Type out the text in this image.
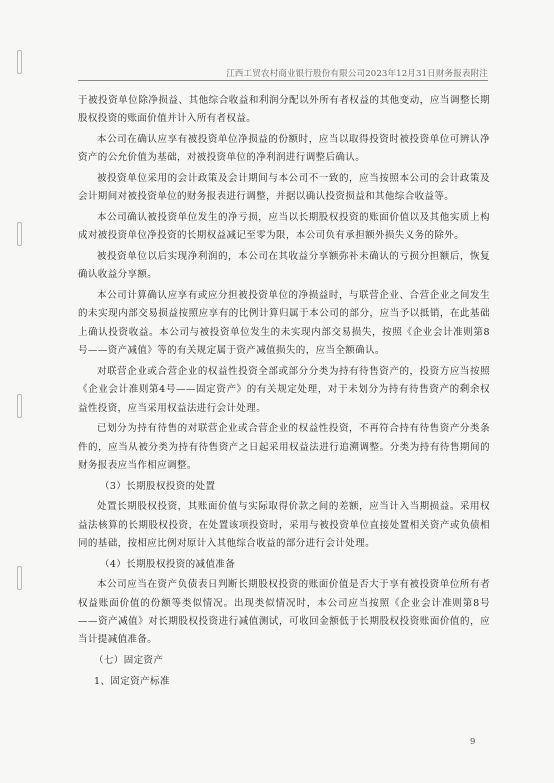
江西工贸农村商业银行股份有限公司2023年12月31日财务报表附注

于被投资单位除净损益、其他综合收益和利润分配以外所有者权益的其他变动，应当调整长期股权投资的账面价值并计入所有者权益。

本公司在确认应享有被投资单位净损益的份额时，应当以取得投资时被投资单位可辨认净资产的公允价值为基础，对被投资单位的净利润进行调整后确认。

被投资单位采用的会计政策及会计期间与本公司不一致的，应当按照本公司的会计政策及会计期间对被投资单位的财务报表进行调整，并据以确认投资损益和其他综合收益等。

本公司确认被投资单位发生的净亏损，应当以长期股权投资的账面价值以及其他实质上构成对被投资单位净投资的长期权益减记至零为限，本公司负有承担额外损失义务的除外。

被投资单位以后实现净利润的，本公司在其收益分享额弥补未确认的亏损分担额后，恢复确认收益分享额。

本公司计算确认应享有或应分担被投资单位的净损益时，与联营企业、合营企业之间发生的未实现内部交易损益按照应享有的比例计算归属于本公司的部分，应当予以抵销，在此基础上确认投资收益。本公司与被投资单位发生的未实现内部交易损失，按照《企业会计准则第8号——资产减值》等的有关规定属于资产减值损失的，应当全额确认。

对联营企业或合营企业的权益性投资全部或部分分类为持有待售资产的，投资方应当按照《企业会计准则第4号——固定资产》的有关规定处理，对于未划分为持有待售资产的剩余权益性投资，应当采用权益法进行会计处理。

已划分为持有待售的对联营企业或合营企业的权益性投资，不再符合持有待售资产分类条件的，应当从被分类为持有待售资产之日起采用权益法进行追溯调整。分类为持有待售期间的财务报表应当作相应调整。

（3）长期股权投资的处置

处置长期股权投资，其账面价值与实际取得价款之间的差额，应当计入当期损益。采用权益法核算的长期股权投资，在处置该项投资时，采用与被投资单位直接处置相关资产或负债相同的基础，按相应比例对原计入其他综合收益的部分进行会计处理。

（4）长期股权投资的减值准备

本公司应当在资产负债表日判断长期股权投资的账面价值是否大于享有被投资单位所有者权益账面价值的份额等类似情况。出现类似情况时，本公司应当按照《企业会计准则第8号——资产减值》对长期股权投资进行减值测试，可收回金额低于长期股权投资账面价值的，应当计提减值准备。

（七）固定资产

1、固定资产标准

9
